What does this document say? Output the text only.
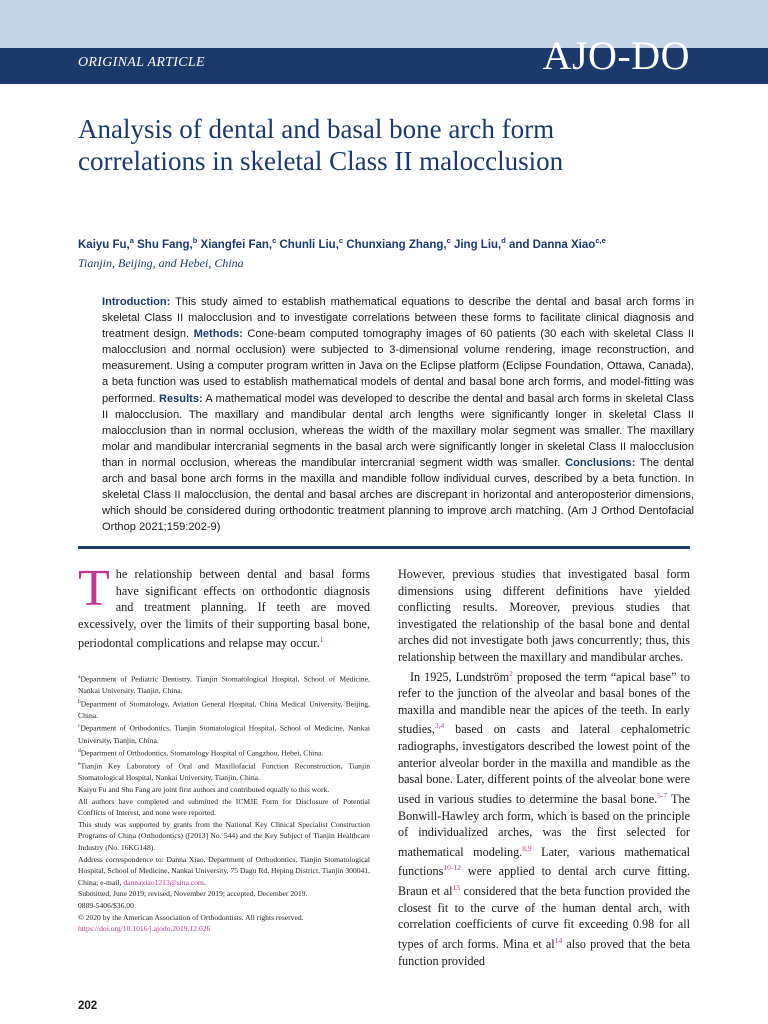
ORIGINAL ARTICLE	AJO-DO
Analysis of dental and basal bone arch form correlations in skeletal Class II malocclusion
Kaiyu Fu,$^a$ Shu Fang,$^b$ Xiangfei Fan,$^c$ Chunli Liu,$^c$ Chunxiang Zhang,$^c$ Jing Liu,$^d$ and Danna Xiao$^{c,e}$
Tianjin, Beijing, and Hebei, China
Introduction: This study aimed to establish mathematical equations to describe the dental and basal arch forms in skeletal Class II malocclusion and to investigate correlations between these forms to facilitate clinical diagnosis and treatment design. Methods: Cone-beam computed tomography images of 60 patients (30 each with skeletal Class II malocclusion and normal occlusion) were subjected to 3-dimensional volume rendering, image reconstruction, and measurement. Using a computer program written in Java on the Eclipse platform (Eclipse Foundation, Ottawa, Canada), a beta function was used to establish mathematical models of dental and basal bone arch forms, and model-fitting was performed. Results: A mathematical model was developed to describe the dental and basal arch forms in skeletal Class II malocclusion. The maxillary and mandibular dental arch lengths were significantly longer in skeletal Class II malocclusion than in normal occlusion, whereas the width of the maxillary molar segment was smaller. The maxillary molar and mandibular intercranial segments in the basal arch were significantly longer in skeletal Class II malocclusion than in normal occlusion, whereas the mandibular intercranial segment width was smaller. Conclusions: The dental arch and basal bone arch forms in the maxilla and mandible follow individual curves, described by a beta function. In skeletal Class II malocclusion, the dental and basal arches are discrepant in horizontal and anteroposterior dimensions, which should be considered during orthodontic treatment planning to improve arch matching. (Am J Orthod Dentofacial Orthop 2021;159:202-9)
The relationship between dental and basal forms have significant effects on orthodontic diagnosis and treatment planning. If teeth are moved excessively, over the limits of their supporting basal bone, periodontal complications and relapse may occur.$^1$

$^a$Department of Pediatric Dentistry, Tianjin Stomatological Hospital, School of Medicine, Nankai University, Tianjin, China.

$^b$Department of Stomatology, Aviation General Hospital, China Medical University, Beijing, China.

$^c$Department of Orthodontics, Tianjin Stomatological Hospital, School of Medicine, Nankai University, Tianjin, China.

$^d$Department of Orthodontics, Stomatology Hospital of Cangzhou, Hebei, China.

$^e$Tianjin Key Laboratory of Oral and Maxillofacial Function Reconstruction, Tianjin Stomatological Hospital, Nankai University, Tianjin, China.

Kaiyu Fu and Shu Fang are joint first authors and contributed equally to this work.

All authors have completed and submitted the ICMJE Form for Disclosure of Potential Conflicts of Interest, and none were reported.

This study was supported by grants from the National Key Clinical Specialist Construction Programs of China (Orthodontics) ([2013] No. 544) and the Key Subject of Tianjin Healthcare Industry (No. 16KG148).

Address correspondence to: Danna Xiao, Department of Orthodontics, Tianjin Stomatological Hospital, School of Medicine, Nankai University, 75 Dagu Rd, Heping District, Tianjin 300041, China; e-mail, dannaxiao1213@sina.com.

Submitted, June 2019; revised, November 2019; accepted, December 2019.

0889-5406/$36.00

© 2020 by the American Association of Orthodontists. All rights reserved.

https://doi.org/10.1016/j.ajodo.2019.12.026

However, previous studies that investigated basal form dimensions using different definitions have yielded conflicting results. Moreover, previous studies that investigated the relationship of the basal bone and dental arches did not investigate both jaws concurrently; thus, this relationship between the maxillary and mandibular arches.

In 1925, Lundström$^2$ proposed the term “apical base” to refer to the junction of the alveolar and basal bones of the maxilla and mandible near the apices of the teeth. In early studies,$^{3,4}$ based on casts and lateral cephalometric radiographs, investigators described the lowest point of the anterior alveolar border in the maxilla and mandible as the basal bone. Later, different points of the alveolar bone were used in various studies to determine the basal bone.$^{5-7}$ The Bonwill-Hawley arch form, which is based on the principle of individualized arches, was the first selected for mathematical modeling.$^{8,9}$ Later, various mathematical functions$^{10-12}$ were applied to dental arch curve fitting. Braun et al$^{13}$ considered that the beta function provided the closest fit to the curve of the human dental arch, with correlation coefficients of curve fit exceeding 0.98 for all types of arch forms. Mina et al$^{14}$ also proved that the beta function provided

202
